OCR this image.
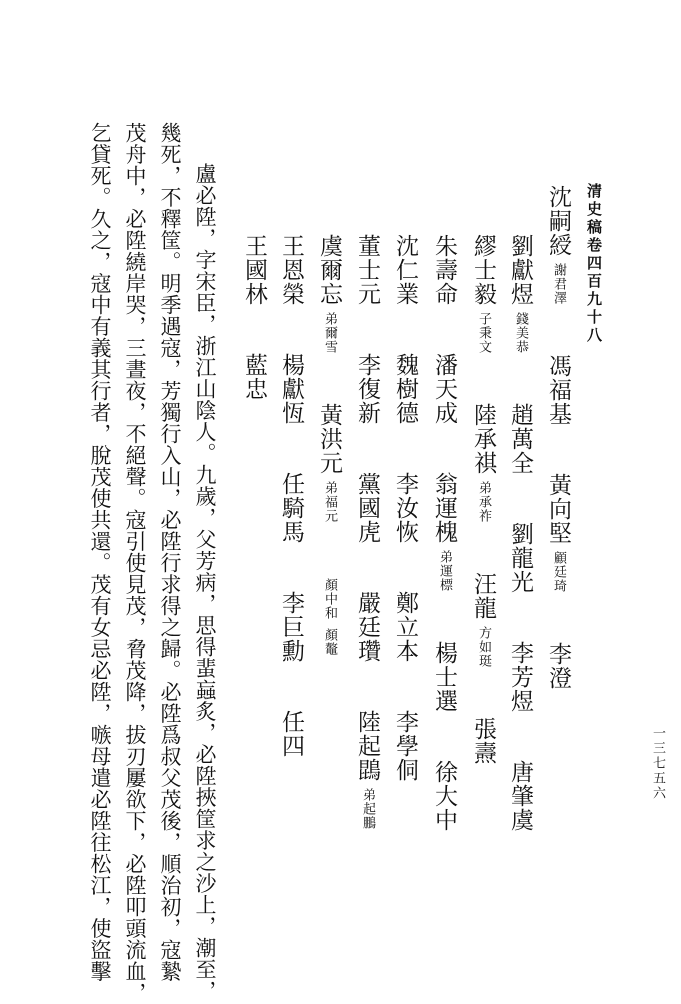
清史稿卷四百九十八
一三七五六
沈嗣綬謝君澤 馮福基 黃向堅顧廷琦 李澄
劉獻煜錢美恭 趙萬全 劉龍光 李芳煜 唐肇虞
繆士毅子秉文 陸承祺弟承祚 汪龍方如珽 張燾
朱壽命 潘天成 翁運槐弟運標 楊士選 徐大中
沈仁業 魏樹德 李汝恢 鄭立本 李學侗
董士元 李復新 黨國虎 嚴廷瓚 陸起鵾弟起鵬
虞爾忘弟爾雪 黃洪元弟福元 顏中和顏鼇
王恩榮 楊獻恆 任騎馬 李巨勳 任四
王國林 藍忠
盧必陞，字宋臣，浙江山陰人。九歲，父芳病，思得蜚蝱炙，必陞挾筐求之沙上，潮至，
幾死，不釋筐。明季遇寇，芳獨行入山，必陞行求得之歸。必陞爲叔父茂後，順治初，寇縶
茂舟中，必陞繞岸哭，三晝夜，不絕聲。寇引使見茂，脅茂降，拔刃屢欲下，必陞叩頭流血，
乞貸死。久之，寇中有義其行者，脫茂使共還。茂有女忌必陞，嗾母遣必陞往松江，使盜擊
